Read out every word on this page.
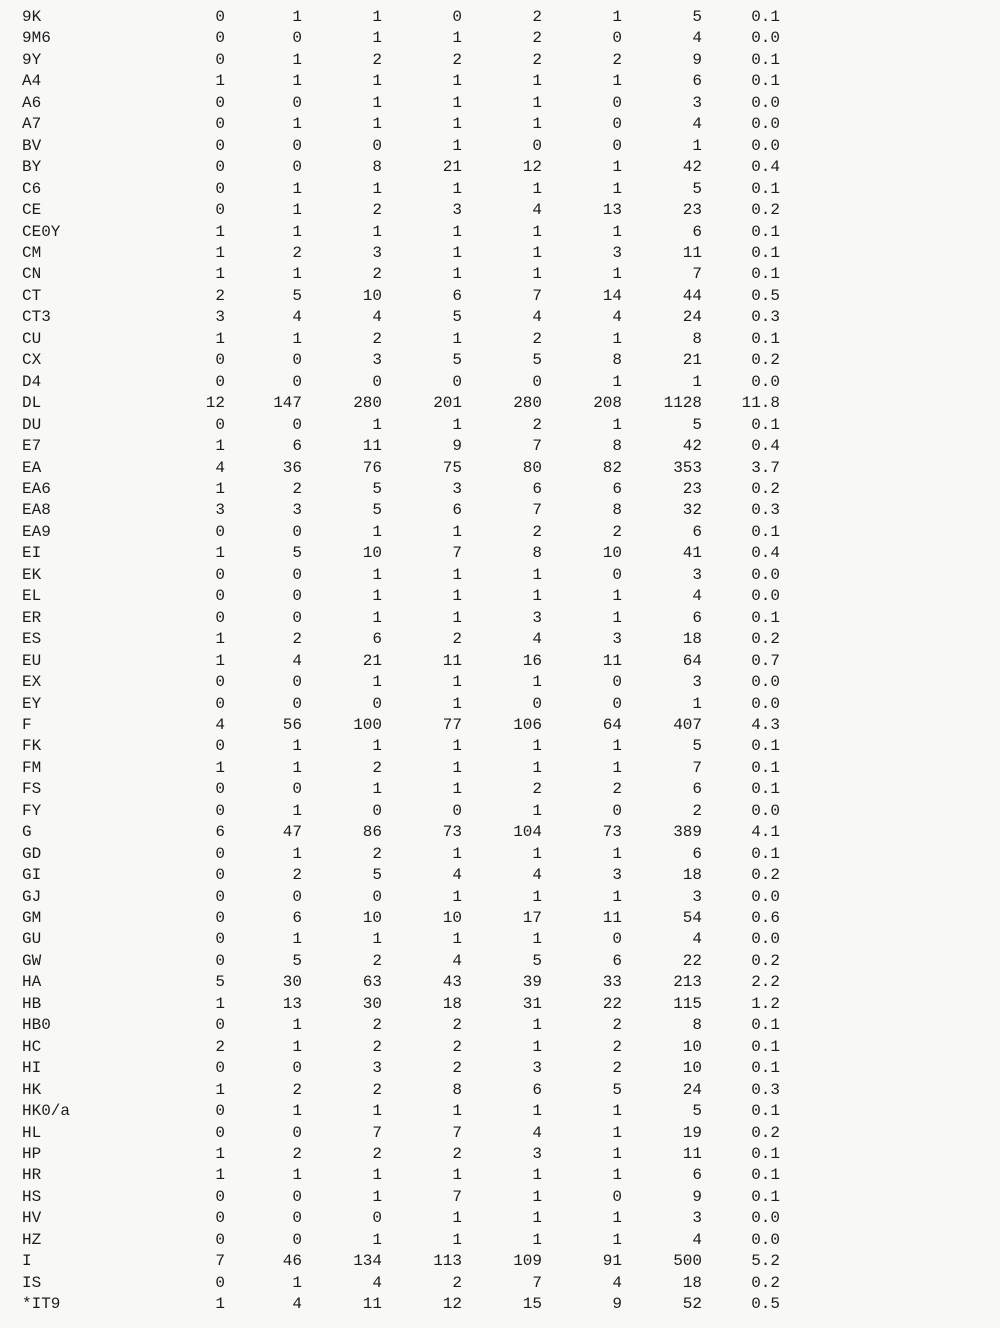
9K	0	1	1	0	2	1	5	0.1
9M6	0	0	1	1	2	0	4	0.0
9Y	0	1	2	2	2	2	9	0.1
A4	1	1	1	1	1	1	6	0.1
A6	0	0	1	1	1	0	3	0.0
A7	0	1	1	1	1	0	4	0.0
BV	0	0	0	1	0	0	1	0.0
BY	0	0	8	21	12	1	42	0.4
C6	0	1	1	1	1	1	5	0.1
CE	0	1	2	3	4	13	23	0.2
CE0Y	1	1	1	1	1	1	6	0.1
CM	1	2	3	1	1	3	11	0.1
CN	1	1	2	1	1	1	7	0.1
CT	2	5	10	6	7	14	44	0.5
CT3	3	4	4	5	4	4	24	0.3
CU	1	1	2	1	2	1	8	0.1
CX	0	0	3	5	5	8	21	0.2
D4	0	0	0	0	0	1	1	0.0
DL	12	147	280	201	280	208	1128	11.8
DU	0	0	1	1	2	1	5	0.1
E7	1	6	11	9	7	8	42	0.4
EA	4	36	76	75	80	82	353	3.7
EA6	1	2	5	3	6	6	23	0.2
EA8	3	3	5	6	7	8	32	0.3
EA9	0	0	1	1	2	2	6	0.1
EI	1	5	10	7	8	10	41	0.4
EK	0	0	1	1	1	0	3	0.0
EL	0	0	1	1	1	1	4	0.0
ER	0	0	1	1	3	1	6	0.1
ES	1	2	6	2	4	3	18	0.2
EU	1	4	21	11	16	11	64	0.7
EX	0	0	1	1	1	0	3	0.0
EY	0	0	0	1	0	0	1	0.0
F	4	56	100	77	106	64	407	4.3
FK	0	1	1	1	1	1	5	0.1
FM	1	1	2	1	1	1	7	0.1
FS	0	0	1	1	2	2	6	0.1
FY	0	1	0	0	1	0	2	0.0
G	6	47	86	73	104	73	389	4.1
GD	0	1	2	1	1	1	6	0.1
GI	0	2	5	4	4	3	18	0.2
GJ	0	0	0	1	1	1	3	0.0
GM	0	6	10	10	17	11	54	0.6
GU	0	1	1	1	1	0	4	0.0
GW	0	5	2	4	5	6	22	0.2
HA	5	30	63	43	39	33	213	2.2
HB	1	13	30	18	31	22	115	1.2
HB0	0	1	2	2	1	2	8	0.1
HC	2	1	2	2	1	2	10	0.1
HI	0	0	3	2	3	2	10	0.1
HK	1	2	2	8	6	5	24	0.3
HK0/a	0	1	1	1	1	1	5	0.1
HL	0	0	7	7	4	1	19	0.2
HP	1	2	2	2	3	1	11	0.1
HR	1	1	1	1	1	1	6	0.1
HS	0	0	1	7	1	0	9	0.1
HV	0	0	0	1	1	1	3	0.0
HZ	0	0	1	1	1	1	4	0.0
I	7	46	134	113	109	91	500	5.2
IS	0	1	4	2	7	4	18	0.2
*IT9	1	4	11	12	15	9	52	0.5
